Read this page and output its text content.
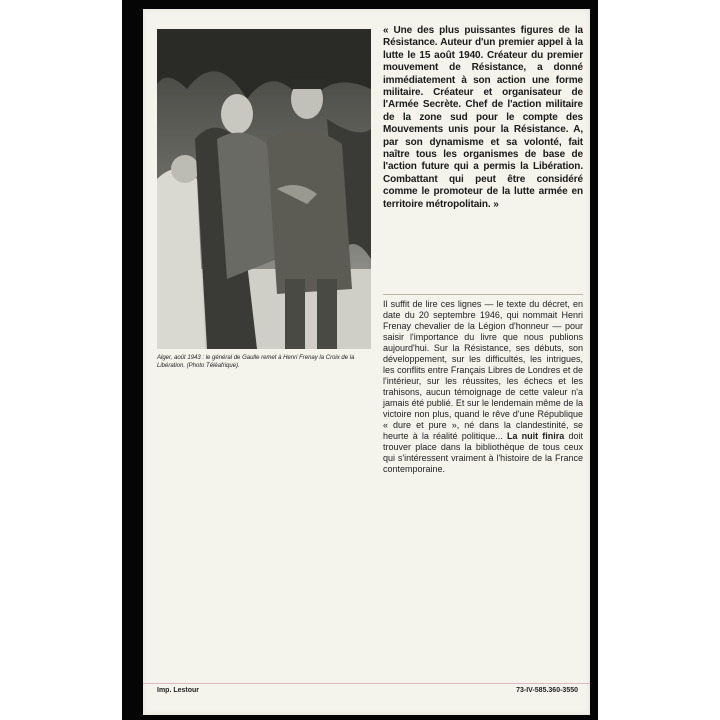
Alger, août 1943 : le général de Gaulle remet à Henri Frenay la Croix de la Libération. (Photo Téléafrique).
« Une des plus puissantes figures de la Résistance. Auteur d'un premier appel à la lutte le 15 août 1940. Créateur du premier mouvement de Résistance, a donné immédiatement à son action une forme militaire. Créateur et organisateur de l'Armée Secrète. Chef de l'action militaire de la zone sud pour le compte des Mouvements unis pour la Résistance. A, par son dynamisme et sa volonté, fait naître tous les organismes de base de l'action future qui a permis la Libération. Combattant qui peut être considéré comme le promoteur de la lutte armée en territoire métropolitain. »
Il suffit de lire ces lignes — le texte du décret, en date du 20 septembre 1946, qui nommait Henri Frenay chevalier de la Légion d'honneur — pour saisir l'importance du livre que nous publions aujourd'hui. Sur la Résistance, ses débuts, son développement, sur les difficultés, les intrigues, les conflits entre Français Libres de Londres et de l'intérieur, sur les réussites, les échecs et les trahisons, aucun témoignage de cette valeur n'a jamais été publié. Et sur le lendemain même de la victoire non plus, quand le rêve d'une République « dure et pure », né dans la clandestinité, se heurte à la réalité politique... La nuit finira doit trouver place dans la bibliothèque de tous ceux qui s'intéressent vraiment à l'histoire de la France contemporaine.
Imp. Lestour	73-IV-585.360-3550
